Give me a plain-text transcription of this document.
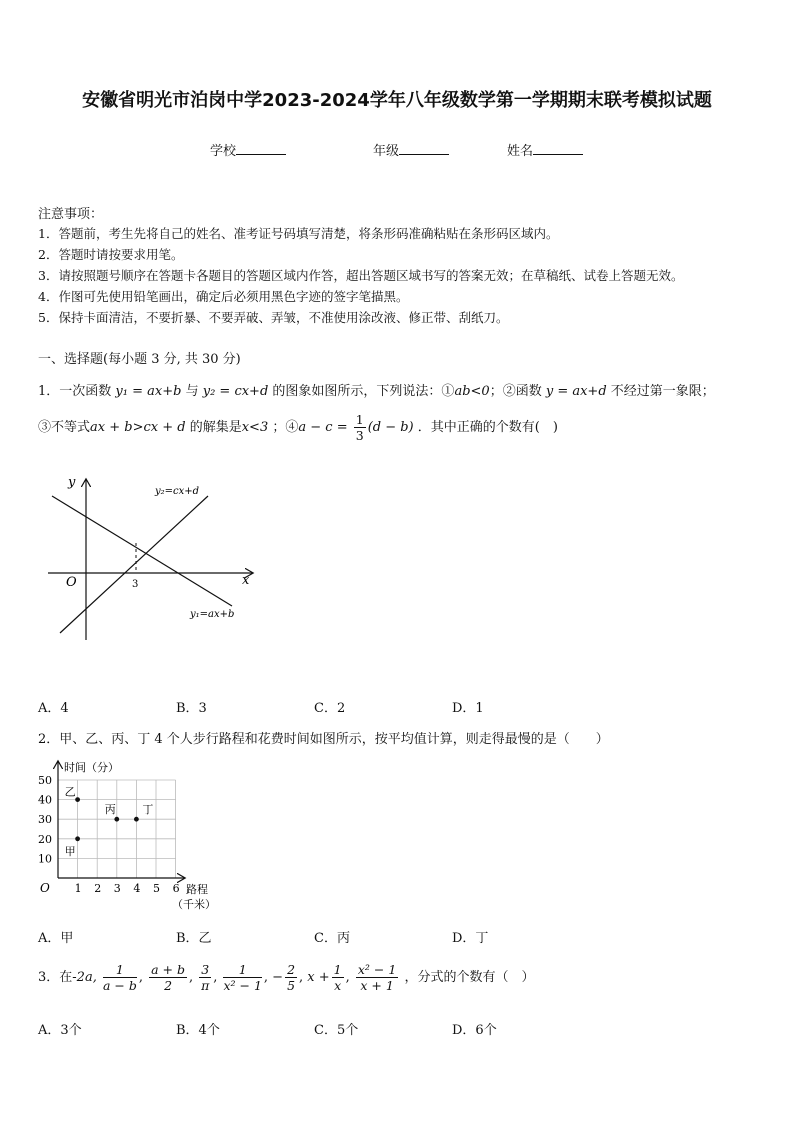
安徽省明光市泊岗中学2023-2024学年八年级数学第一学期期末联考模拟试题
学校	年级	姓名
注意事项：
1．答题前，考生先将自己的姓名、准考证号码填写清楚，将条形码准确粘贴在条形码区域内。
2．答题时请按要求用笔。
3．请按照题号顺序在答题卡各题目的答题区域内作答，超出答题区域书写的答案无效；在草稿纸、试卷上答题无效。
4．作图可先使用铅笔画出，确定后必须用黑色字迹的签字笔描黑。
5．保持卡面清洁，不要折暴、不要弄破、弄皱，不准使用涂改液、修正带、刮纸刀。
一、选择题(每小题 3 分, 共 30 分)
1．一次函数 y₁ = ax+b 与 y₂ = cx+d 的图象如图所示，下列说法：①ab<0；②函数 y = ax+d 不经过第一象限；
③不等式ax + b>cx + d 的解集是x<3 ；④a − $c = \frac{1}{3} (d - b)$ ．其中正确的个数有(　)
y
x
O	3
y₂=cx+d
y₁=ax+b
A．4	B．3	C．2	D．1
2．甲、乙、丙、丁 4 个人步行路程和花费时间如图所示，按平均值计算，则走得最慢的是（　　）
1 2 3 4 5 6
10
20
30
40
50
甲
乙
丙 丁
时间（分）
O	路程
（千米）
A．甲	B．乙	C．丙	D．丁
3．在-2a, $\frac{1}{a - b}$ , $\frac{a + b}{2}$ , $\frac{3}{\pi}$ , $\frac{1}{\text{x² − 1}}$ , − $\frac{2}{5}$ , $x + \frac{1}{x}$ , $\frac{\text{x² − 1}}{x + 1}$ ，分式的个数有（　）
A．3个	B．4个	C．5个	D．6个
